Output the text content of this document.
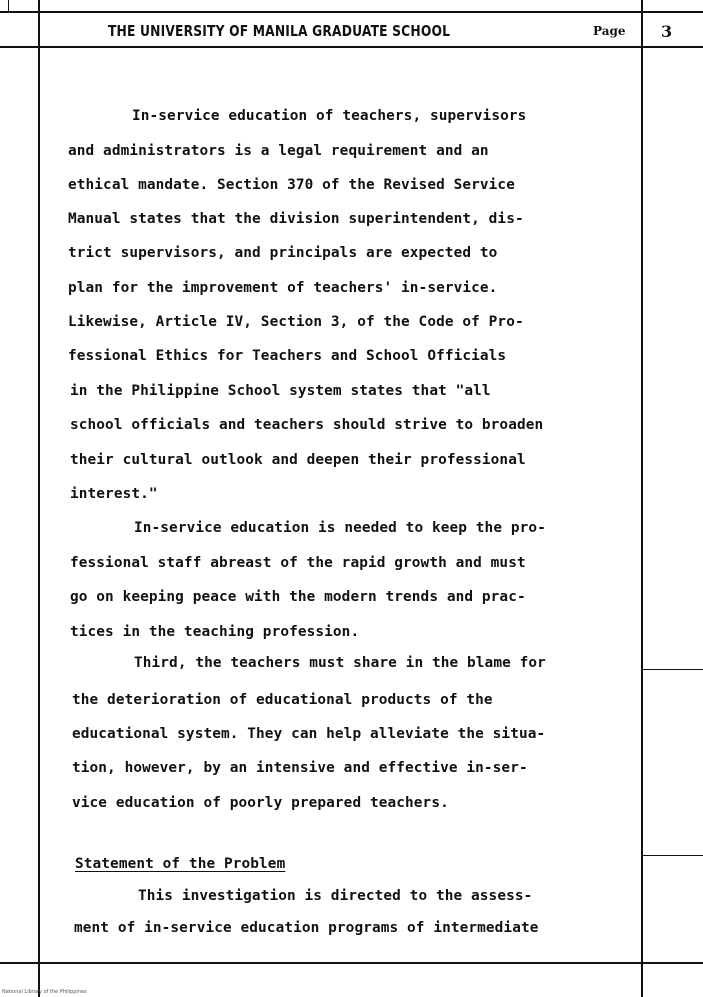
THE UNIVERSITY OF MANILA GRADUATE SCHOOL	Page 3
In-service education of teachers, supervisors
and administrators is a legal requirement and an
ethical mandate. Section 370 of the Revised Service
Manual states that the division superintendent, dis-
trict supervisors, and principals are expected to
plan for the improvement of teachers' in-service.
Likewise, Article IV, Section 3, of the Code of Pro-
fessional Ethics for Teachers and School Officials
in the Philippine School system states that "all
school officials and teachers should strive to broaden
their cultural outlook and deepen their professional
interest."
In-service education is needed to keep the pro-
fessional staff abreast of the rapid growth and must
go on keeping peace with the modern trends and prac-
tices in the teaching profession.
Third, the teachers must share in the blame for
the deterioration of educational products of the
educational system. They can help alleviate the situa-
tion, however, by an intensive and effective in-ser-
vice education of poorly prepared teachers.
Statement of the Problem
This investigation is directed to the assess-
ment of in-service education programs of intermediate
National Library of the Philippines
